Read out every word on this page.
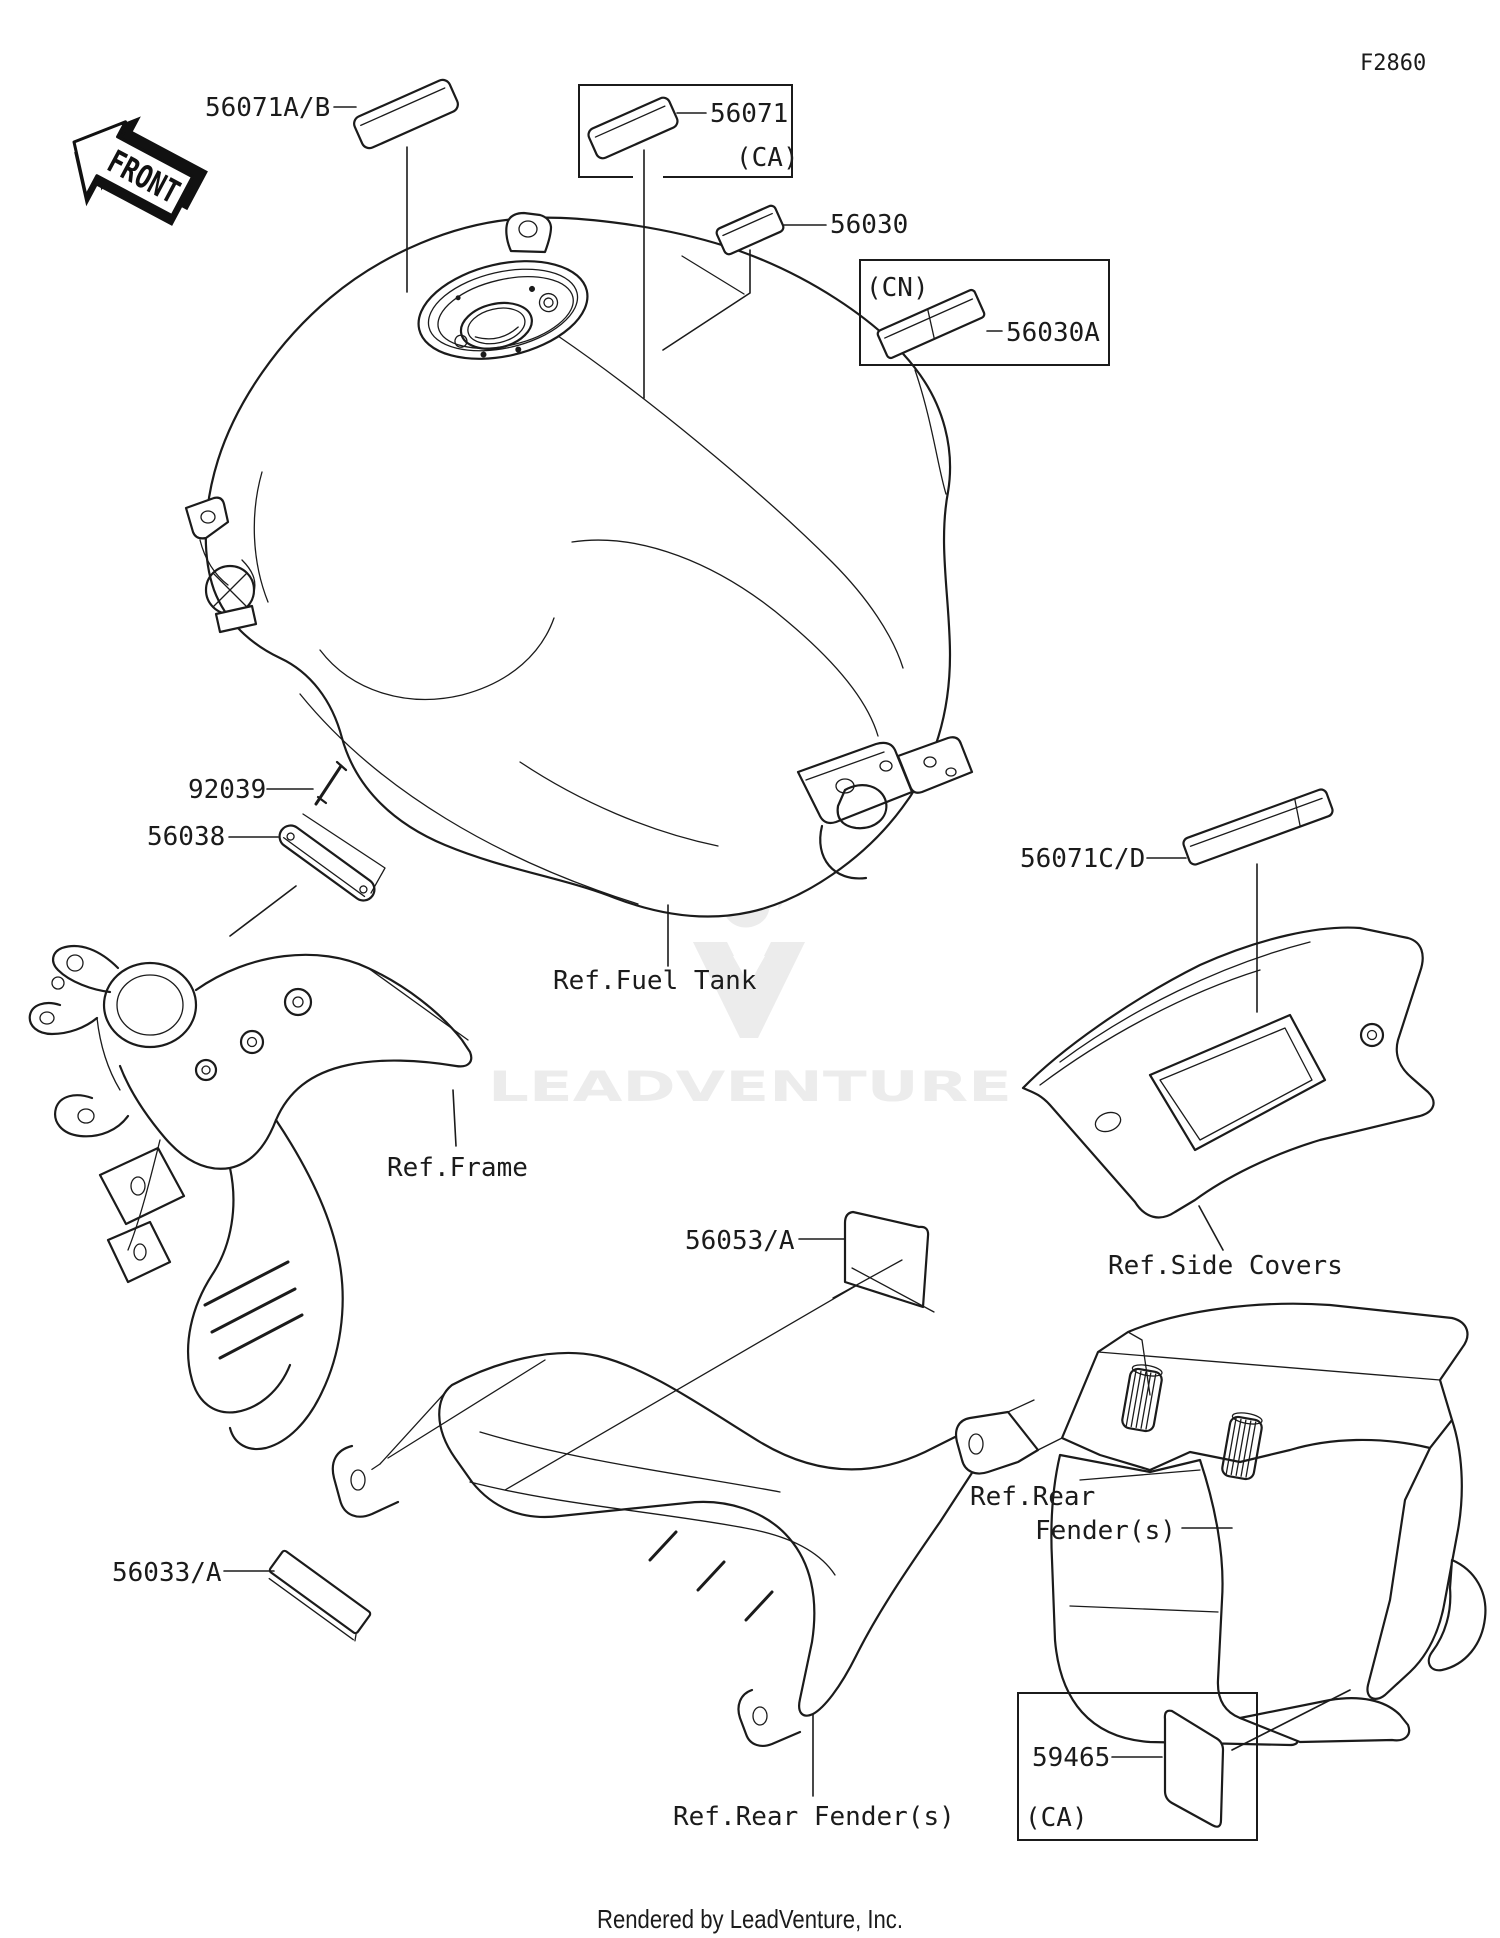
LEADVENTURE
F2860
FRONT
56071A/B	56071
(CA)
56030
(CN)
56030A
92039
56038
56071C/D
56053/A
56033/A
59465
(CA)
Ref.Fuel Tank
Ref.Frame
Ref.Side Covers
Ref.Rear Fender(s)
Ref.Rear
Fender(s)
Rendered by LeadVenture, Inc.
